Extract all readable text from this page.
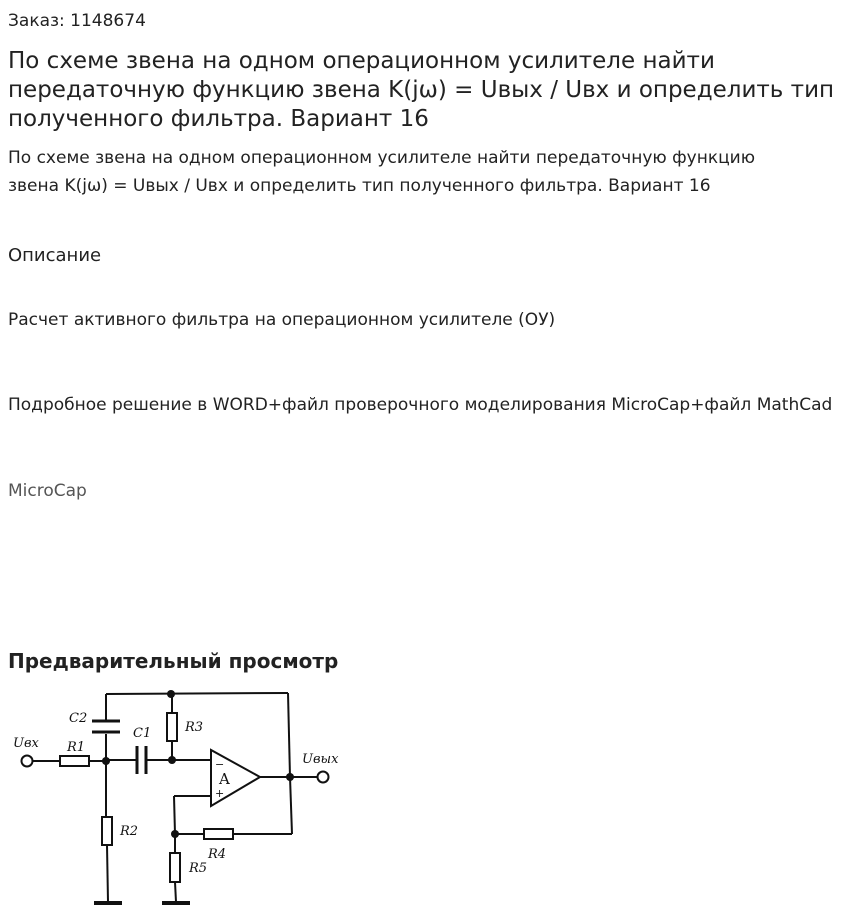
Заказ: 1148674
По схеме звена на одном операционном усилителе найти передаточную функцию звена K(jω) = Uвых / Uвх и определить тип полученного фильтра. Вариант 16

По схеме звена на одном операционном усилителе найти передаточную функцию звена K(jω) = Uвых / Uвх и определить тип полученного фильтра. Вариант 16

Описание

Расчет активного фильтра на операционном усилителе (ОУ)

Подробное решение в WORD+файл проверочного моделирования MicroCap+файл MathCad

MicroCap
Предварительный просмотр
C2
C1	R3
R1
Uвх
Uвых
A
−
+
R2
R4
R5
